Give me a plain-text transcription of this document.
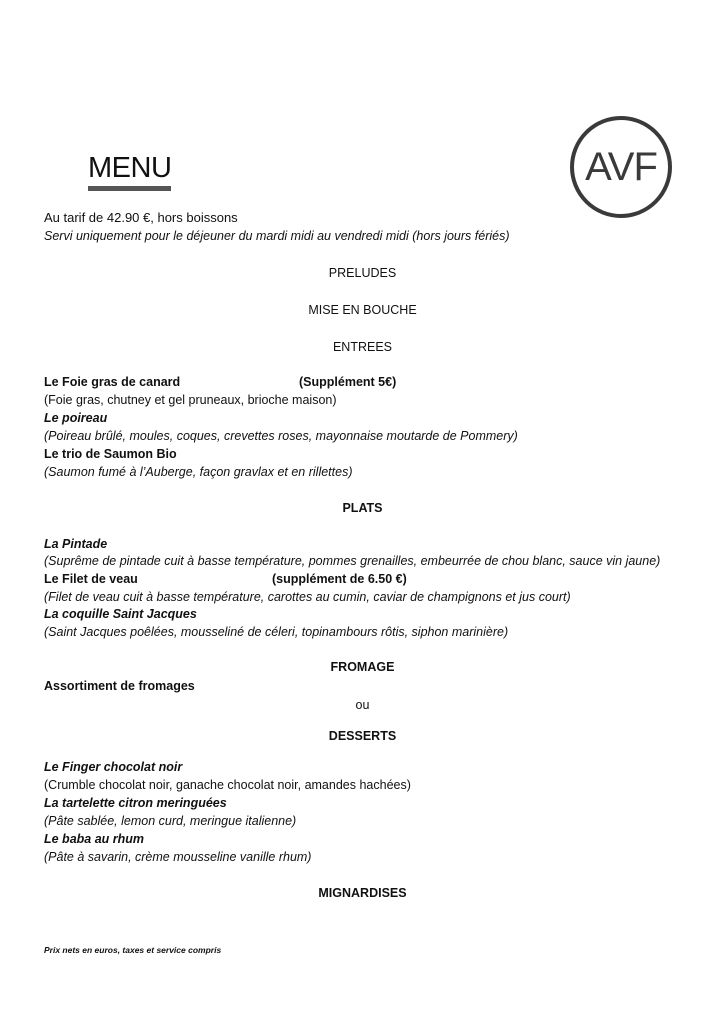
MENU	AVF
Au tarif de 42.90 €, hors boissons
Servi uniquement pour le déjeuner du mardi midi au vendredi midi (hors jours fériés)
PRELUDES
MISE EN BOUCHE
ENTREES
Le Foie gras de canard	(Supplément 5€)
(Foie gras, chutney et gel pruneaux, brioche maison)
Le poireau
(Poireau brûlé, moules, coques, crevettes roses, mayonnaise moutarde de Pommery)
Le trio de Saumon Bio
(Saumon fumé à l’Auberge, façon gravlax et en rillettes)
PLATS
La Pintade
(Suprême de pintade cuit à basse température, pommes grenailles, embeurrée de chou blanc, sauce vin jaune)
Le Filet de veau	(supplément de 6.50 €)
(Filet de veau cuit à basse température, carottes au cumin, caviar de champignons et jus court)
La coquille Saint Jacques
(Saint Jacques poêlées, mousseliné de céleri, topinambours rôtis, siphon marinière)
FROMAGE
Assortiment de fromages
ou
DESSERTS
Le Finger chocolat noir
(Crumble chocolat noir, ganache chocolat noir, amandes hachées)
La tartelette citron meringuées
(Pâte sablée, lemon curd, meringue italienne)
Le baba au rhum
(Pâte à savarin, crème mousseline vanille rhum)
MIGNARDISES
Prix nets en euros, taxes et service compris
